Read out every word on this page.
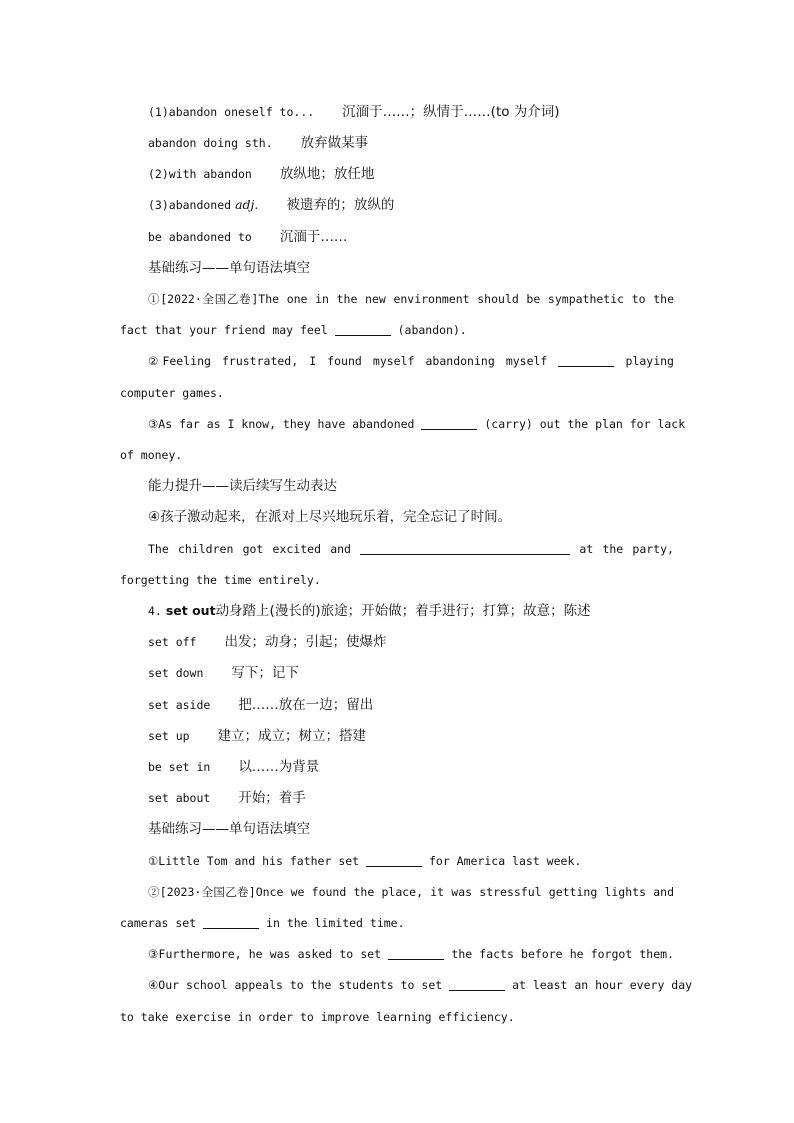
(1)abandon oneself to... 沉湎于……；纵情于……(to 为介词)
abandon doing sth. 放弃做某事
(2)with abandon 放纵地；放任地
(3)abandoned adj. 被遗弃的；放纵的
be abandoned to 沉湎于……
基础练习——单句语法填空
①[2022·全国乙卷]The one in the new environment should be sympathetic to the
fact that your friend may feel	(abandon).
②Feeling frustrated, I found myself abandoning myself	playing
computer games.
③As far as I know, they have abandoned	(carry) out the plan for lack
of money.
能力提升——读后续写生动表达
④孩子激动起来，在派对上尽兴地玩乐着，完全忘记了时间。
The children got excited and	at the party,
forgetting the time entirely.
4. set out动身踏上(漫长的)旅途；开始做；着手进行；打算；故意；陈述
set off 出发；动身；引起；使爆炸
set down 写下；记下
set aside 把……放在一边；留出
set up 建立；成立；树立；搭建
be set in 以……为背景
set about 开始；着手
基础练习——单句语法填空
①Little Tom and his father set	for America last week.
②[2023·全国乙卷]Once we found the place, it was stressful getting lights and
cameras set	in the limited time.
③Furthermore, he was asked to set	the facts before he forgot them.
④Our school appeals to the students to set	at least an hour every day
to take exercise in order to improve learning efficiency.
